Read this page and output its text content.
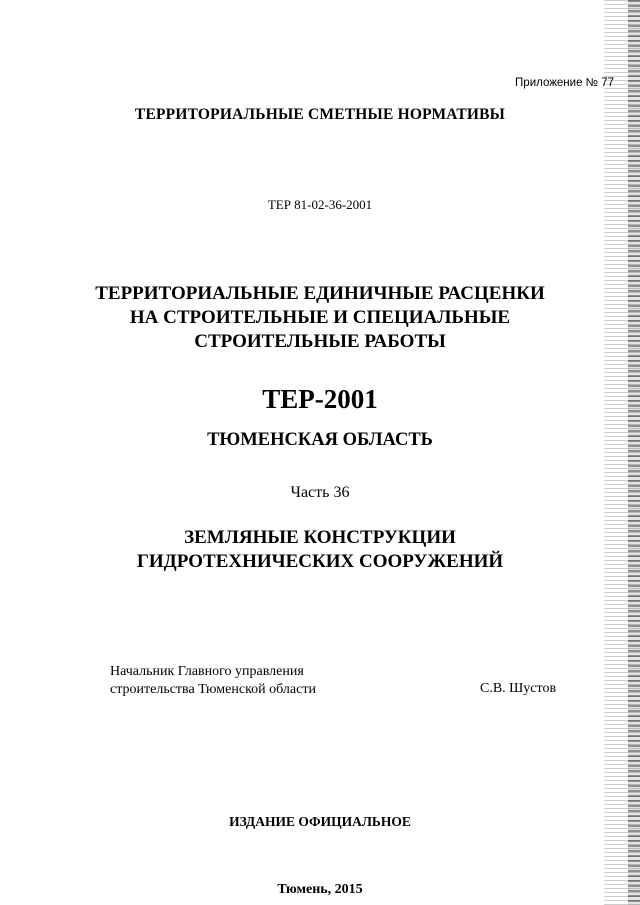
Приложение № 77
ТЕРРИТОРИАЛЬНЫЕ СМЕТНЫЕ НОРМАТИВЫ
ТЕР 81-02-36-2001
ТЕРРИТОРИАЛЬНЫЕ ЕДИНИЧНЫЕ РАСЦЕНКИ
НА СТРОИТЕЛЬНЫЕ И СПЕЦИАЛЬНЫЕ
СТРОИТЕЛЬНЫЕ РАБОТЫ
ТЕР-2001
ТЮМЕНСКАЯ ОБЛАСТЬ
Часть 36
ЗЕМЛЯНЫЕ КОНСТРУКЦИИ
ГИДРОТЕХНИЧЕСКИХ СООРУЖЕНИЙ
Начальник Главного управления
строительства Тюменской области	С.В. Шустов
ИЗДАНИЕ ОФИЦИАЛЬНОЕ
Тюмень, 2015
